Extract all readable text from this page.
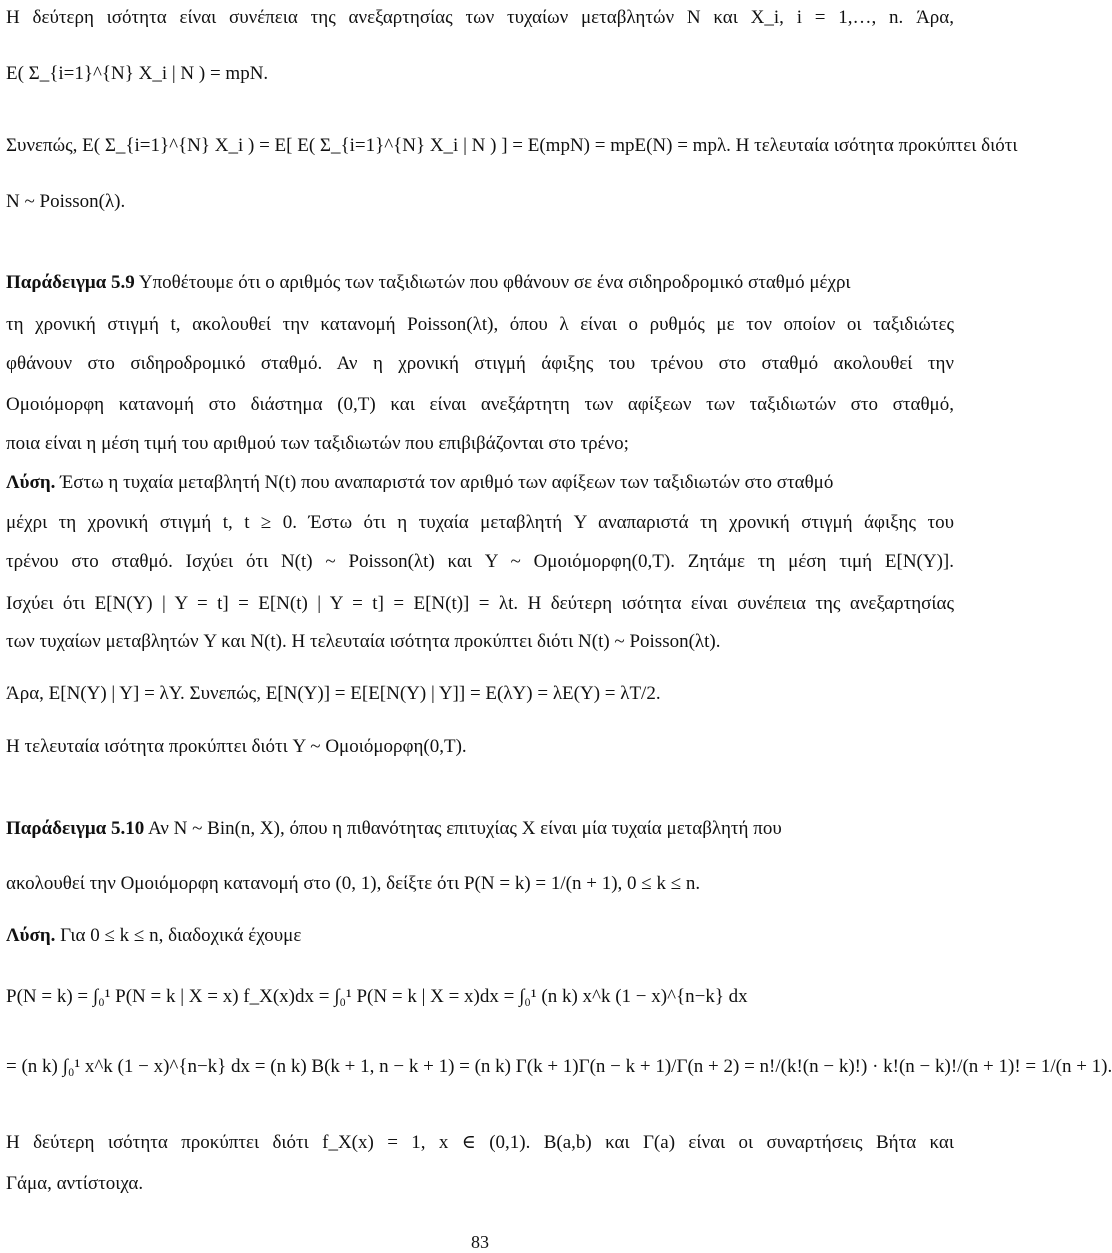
Η δεύτερη ισότητα είναι συνέπεια της ανεξαρτησίας των τυχαίων μεταβλητών N και X_i, i = 1,…, n. Άρα,
E( Σ_{i=1}^{N} X_i | N ) = mpN.
Συνεπώς, E( Σ_{i=1}^{N} X_i ) = E[ E( Σ_{i=1}^{N} X_i | N ) ] = E(mpN) = mpE(N) = mpλ. Η τελευταία ισότητα προκύπτει διότι
N ~ Poisson(λ).
Παράδειγμα 5.9 Υποθέτουμε ότι ο αριθμός των ταξιδιωτών που φθάνουν σε ένα σιδηροδρομικό σταθμό μέχρι
τη χρονική στιγμή t, ακολουθεί την κατανομή Poisson(λt), όπου λ είναι ο ρυθμός με τον οποίον οι ταξιδιώτες
φθάνουν στο σιδηροδρομικό σταθμό. Αν η χρονική στιγμή άφιξης του τρένου στο σταθμό ακολουθεί την
Ομοιόμορφη κατανομή στο διάστημα (0,T) και είναι ανεξάρτητη των αφίξεων των ταξιδιωτών στο σταθμό,
ποια είναι η μέση τιμή του αριθμού των ταξιδιωτών που επιβιβάζονται στο τρένο;
Λύση. Έστω η τυχαία μεταβλητή N(t) που αναπαριστά τον αριθμό των αφίξεων των ταξιδιωτών στο σταθμό
μέχρι τη χρονική στιγμή t, t ≥ 0. Έστω ότι η τυχαία μεταβλητή Y αναπαριστά τη χρονική στιγμή άφιξης του
τρένου στο σταθμό. Ισχύει ότι N(t) ~ Poisson(λt) και Y ~ Ομοιόμορφη(0,T). Ζητάμε τη μέση τιμή E[N(Y)].
Ισχύει ότι E[N(Y) | Y = t] = E[N(t) | Y = t] = E[N(t)] = λt. Η δεύτερη ισότητα είναι συνέπεια της ανεξαρτησίας
των τυχαίων μεταβλητών Y και N(t). Η τελευταία ισότητα προκύπτει διότι N(t) ~ Poisson(λt).
Άρα, E[N(Y) | Y] = λY. Συνεπώς, E[N(Y)] = E[E[N(Y) | Y]] = E(λY) = λE(Y) = λT/2.
Η τελευταία ισότητα προκύπτει διότι Y ~ Ομοιόμορφη(0,T).
Παράδειγμα 5.10 Αν N ~ Bin(n, X), όπου η πιθανότητας επιτυχίας X είναι μία τυχαία μεταβλητή που
ακολουθεί την Ομοιόμορφη κατανομή στο (0, 1), δείξτε ότι P(N = k) = 1/(n + 1), 0 ≤ k ≤ n.
Λύση. Για 0 ≤ k ≤ n, διαδοχικά έχουμε
P(N = k) = ∫₀¹ P(N = k | X = x) f_X(x)dx = ∫₀¹ P(N = k | X = x)dx = ∫₀¹ (n k) x^k (1 − x)^{n−k} dx
= (n k) ∫₀¹ x^k (1 − x)^{n−k} dx = (n k) B(k + 1, n − k + 1) = (n k) Γ(k + 1)Γ(n − k + 1)/Γ(n + 2) = n!/(k!(n − k)!) · k!(n − k)!/(n + 1)! = 1/(n + 1).
Η δεύτερη ισότητα προκύπτει διότι f_X(x) = 1, x ∈ (0,1). B(a,b) και Γ(a) είναι οι συναρτήσεις Βήτα και
Γάμα, αντίστοιχα.
83
